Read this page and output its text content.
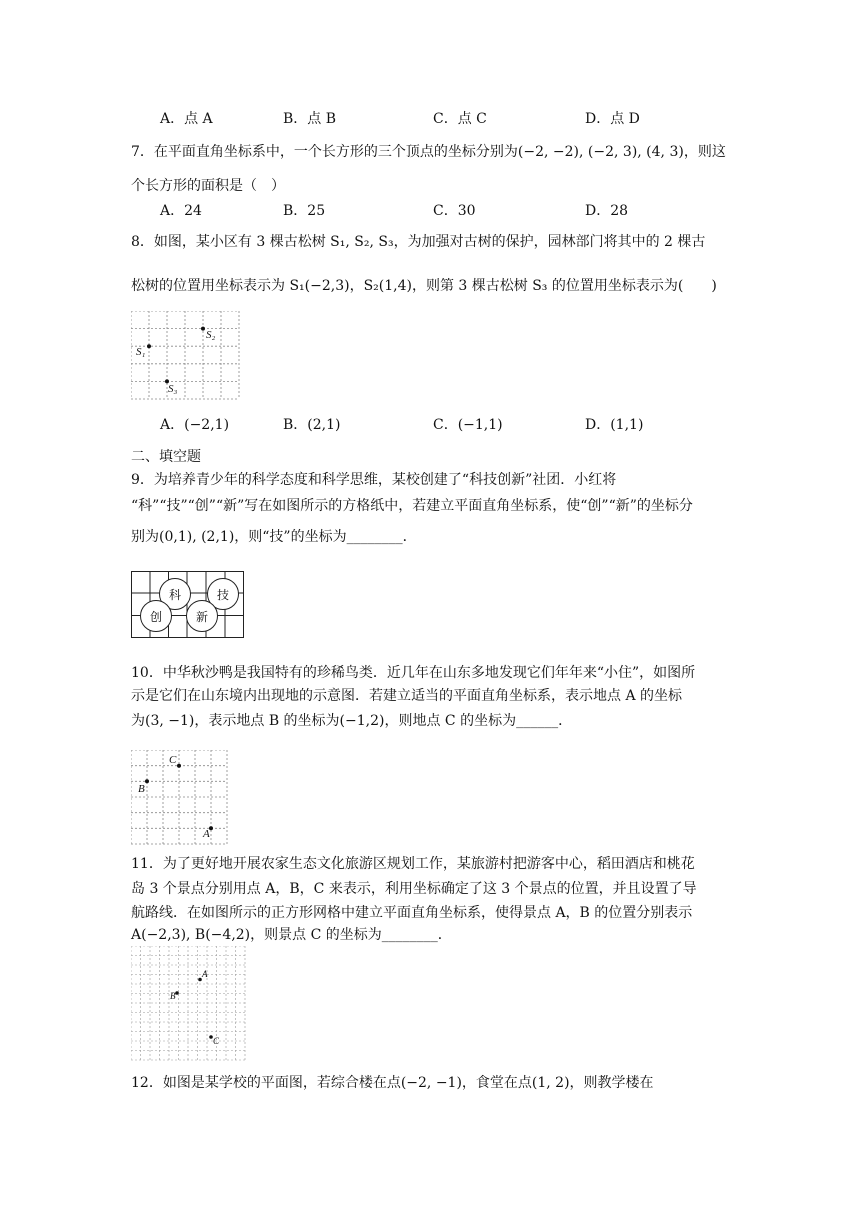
A．点 A	B．点 B	C．点 C	D．点 D
7．在平面直角坐标系中，一个长方形的三个顶点的坐标分别为(−2, −2), (−2, 3), (4, 3)，则这
个长方形的面积是（　）
A．24	B．25	C．30	D．28
8．如图，某小区有 3 棵古松树 S₁, S₂, S₃，为加强对古树的保护，园林部门将其中的 2 棵古
松树的位置用坐标表示为 S₁(−2,3)，S₂(1,4)，则第 3 棵古松树 S₃ 的位置用坐标表示为(　　)
S₁
S₂
S₃
A．(−2,1)	B．(2,1)	C．(−1,1)	D．(1,1)
二、填空题
9．为培养青少年的科学态度和科学思维，某校创建了“科技创新”社团．小红将
“科”“技”“创”“新”写在如图所示的方格纸中，若建立平面直角坐标系，使“创”“新”的坐标分
别为(0,1), (2,1)，则“技”的坐标为________．
科	技
创	新
10．中华秋沙鸭是我国特有的珍稀鸟类．近几年在山东多地发现它们年年来“小住”，如图所
示是它们在山东境内出现地的示意图．若建立适当的平面直角坐标系，表示地点 A 的坐标
为(3, −1)，表示地点 B 的坐标为(−1,2)，则地点 C 的坐标为______．
C
B
A
11．为了更好地开展农家生态文化旅游区规划工作，某旅游村把游客中心，稻田酒店和桃花
岛 3 个景点分别用点 A，B，C 来表示，利用坐标确定了这 3 个景点的位置，并且设置了导
航路线．在如图所示的正方形网格中建立平面直角坐标系，使得景点 A，B 的位置分别表示
A(−2,3), B(−4,2)，则景点 C 的坐标为________．
A
B
C
12．如图是某学校的平面图，若综合楼在点(−2, −1)，食堂在点(1, 2)，则教学楼在
